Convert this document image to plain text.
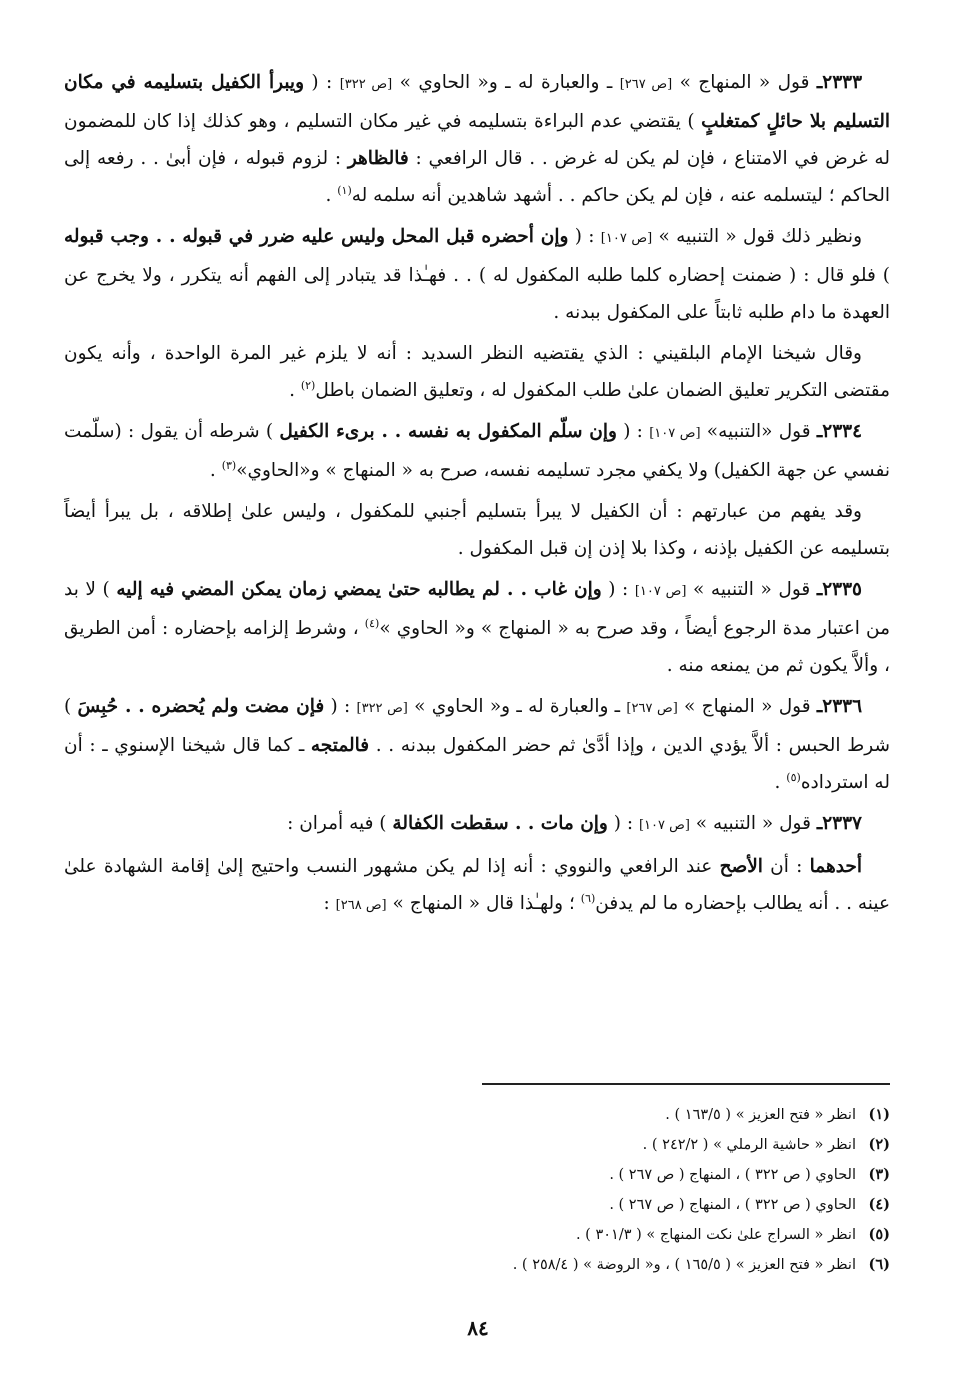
٢٣٣٣ـ قول « المنهاج » [ص ٢٦٧] ـ والعبارة له ـ و« الحاوي » [ص ٣٢٢] : ( ويبرأ الكفيل بتسليمه في مكان التسليم بلا حائلٍ كمتغلبٍ ) يقتضي عدم البراءة بتسليمه في غير مكان التسليم ، وهو كذلك إذا كان للمضمون له غرض في الامتناع ، فإن لم يكن له غرض . . قال الرافعي : فالظاهر : لزوم قبوله ، فإن أبىٰ . . رفعه إلى الحاكم ؛ ليتسلمه عنه ، فإن لم يكن حاكم . . أشهد شاهدين أنه سلمه له$^{(١)}$ .

ونظير ذلك قول « التنبيه » [ص ١٠٧] : ( وإن أحضره قبل المحل وليس عليه ضرر في قبوله . . وجب قبوله ) فلو قال : ( ضمنت إحضاره كلما طلبه المكفول له ) . . فهـٰذا قد يتبادر إلى الفهم أنه يتكرر ، ولا يخرج عن العهدة ما دام طلبه ثابتاً على المكفول ببدنه .

وقال شيخنا الإمام البلقيني : الذي يقتضيه النظر السديد : أنه لا يلزم غير المرة الواحدة ، وأنه يكون مقتضى التكرير تعليق الضمان علىٰ طلب المكفول له ، وتعليق الضمان باطل$^{(٢)}$ .

٢٣٣٤ـ قول «التنبيه» [ص ١٠٧] : ( وإن سلّم المكفول به نفسه . . برىء الكفيل ) شرطه أن يقول : (سلّمت نفسي عن جهة الكفيل) ولا يكفي مجرد تسليمه نفسه، صرح به « المنهاج » و«الحاوي»$^{(٣)}$ .

وقد يفهم من عبارتهم : أن الكفيل لا يبرأ بتسليم أجنبي للمكفول ، وليس علىٰ إطلاقه ، بل يبرأ أيضاً بتسليمه عن الكفيل بإذنه ، وكذا بلا إذن إن قبل المكفول .

٢٣٣٥ـ قول « التنبيه » [ص ١٠٧] : ( وإن غاب . . لم يطالبه حتىٰ يمضي زمان يمكن المضي فيه إليه ) لا بد من اعتبار مدة الرجوع أيضاً ، وقد صرح به « المنهاج » و« الحاوي »$^{(٤)}$ ، وشرط إلزامه بإحضاره : أمن الطريق ، وألاَّ يكون ثم من يمنعه منه .

٢٣٣٦ـ قول « المنهاج » [ص ٢٦٧] ـ والعبارة له ـ و« الحاوي » [ص ٣٢٢] : ( فإن مضت ولم يُحضره . . حُبِسَ ) شرط الحبس : ألاَّ يؤدي الدين ، وإذا أدَّىٰ ثم حضر المكفول ببدنه . . فالمتجه ـ كما قال شيخنا الإسنوي ـ : أن له استرداده$^{(٥)}$ .

٢٣٣٧ـ قول « التنبيه » [ص ١٠٧] : ( وإن مات . . سقطت الكفالة ) فيه أمران :

أحدهما : أن الأصح عند الرافعي والنووي : أنه إذا لم يكن مشهور النسب واحتيج إلىٰ إقامة الشهادة علىٰ عينه . . أنه يطالب بإحضاره ما لم يدفن$^{(٦)}$ ؛ ولهـٰذا قال « المنهاج » [ص ٢٦٨] :

(١)
انظر « فتح العزيز » ( ١٦٣/٥ ) .
(٢)
انظر « حاشية الرملي » ( ٢٤٢/٢ ) .
(٣)
الحاوي ( ص ٣٢٢ ) ، المنهاج ( ص ٢٦٧ ) .
(٤)
الحاوي ( ص ٣٢٢ ) ، المنهاج ( ص ٢٦٧ ) .
(٥)
انظر « السراج علىٰ نكت المنهاج » ( ٣٠١/٣ ) .
(٦)
انظر « فتح العزيز » ( ١٦٥/٥ ) ، و« الروضة » ( ٢٥٨/٤ ) .
٨٤
